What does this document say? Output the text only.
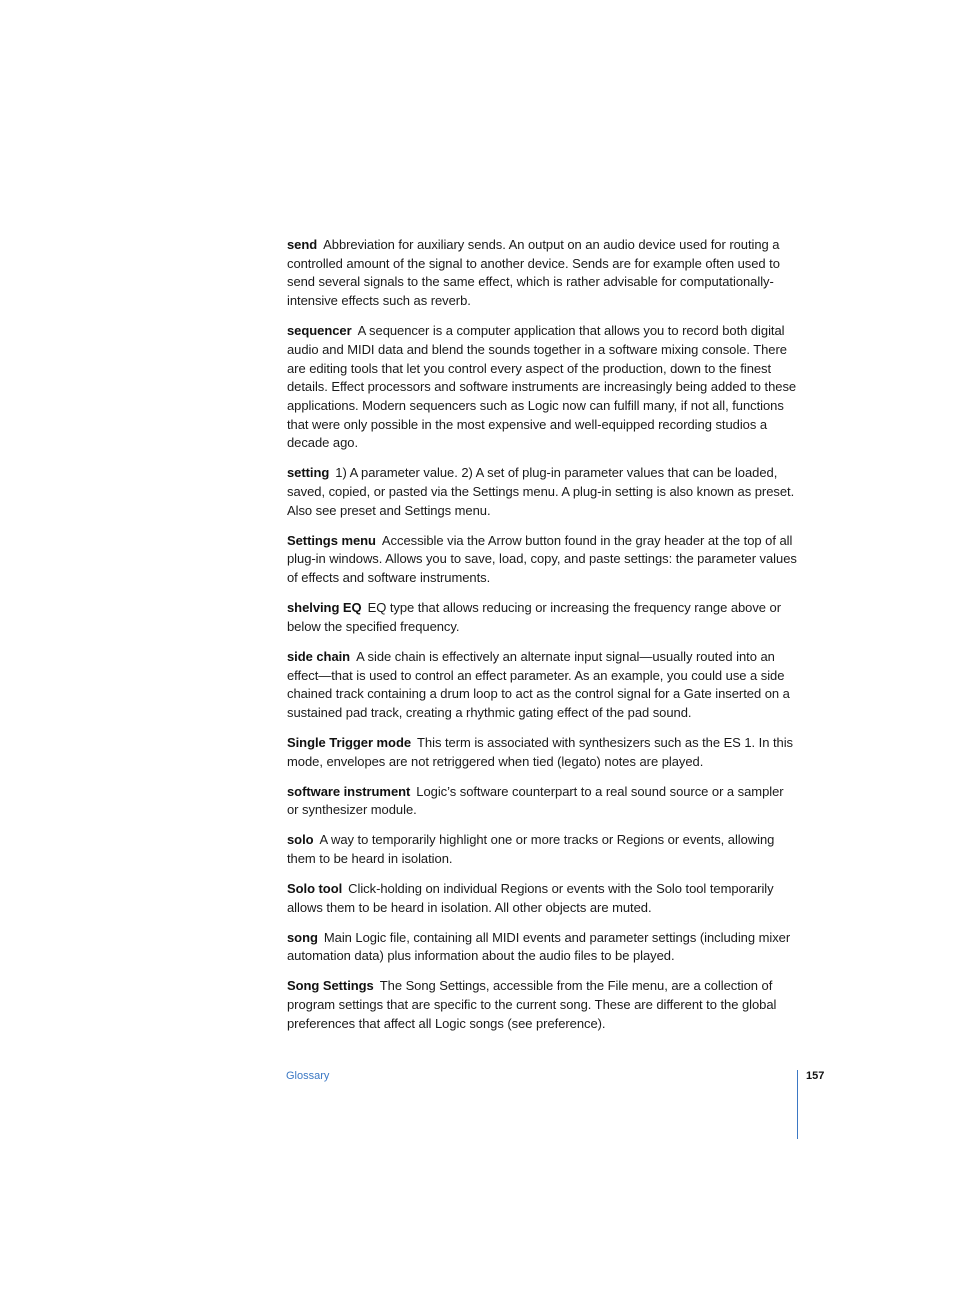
send Abbreviation for auxiliary sends. An output on an audio device used for routing a controlled amount of the signal to another device. Sends are for example often used to send several signals to the same effect, which is rather advisable for computationally-intensive effects such as reverb.

sequencer A sequencer is a computer application that allows you to record both digital audio and MIDI data and blend the sounds together in a software mixing console. There are editing tools that let you control every aspect of the production, down to the finest details. Effect processors and software instruments are increasingly being added to these applications. Modern sequencers such as Logic now can fulfill many, if not all, functions that were only possible in the most expensive and well-equipped recording studios a decade ago.

setting 1) A parameter value. 2) A set of plug-in parameter values that can be loaded, saved, copied, or pasted via the Settings menu. A plug-in setting is also known as preset. Also see preset and Settings menu.

Settings menu Accessible via the Arrow button found in the gray header at the top of all plug-in windows. Allows you to save, load, copy, and paste settings: the parameter values of effects and software instruments.

shelving EQ EQ type that allows reducing or increasing the frequency range above or below the specified frequency.

side chain A side chain is effectively an alternate input signal—usually routed into an effect—that is used to control an effect parameter. As an example, you could use a side chained track containing a drum loop to act as the control signal for a Gate inserted on a sustained pad track, creating a rhythmic gating effect of the pad sound.

Single Trigger mode This term is associated with synthesizers such as the ES 1. In this mode, envelopes are not retriggered when tied (legato) notes are played.

software instrument Logic’s software counterpart to a real sound source or a sampler or synthesizer module.

solo A way to temporarily highlight one or more tracks or Regions or events, allowing them to be heard in isolation.

Solo tool Click-holding on individual Regions or events with the Solo tool temporarily allows them to be heard in isolation. All other objects are muted.

song Main Logic file, containing all MIDI events and parameter settings (including mixer automation data) plus information about the audio files to be played.

Song Settings The Song Settings, accessible from the File menu, are a collection of program settings that are specific to the current song. These are different to the global preferences that affect all Logic songs (see preference).

Glossary	157
